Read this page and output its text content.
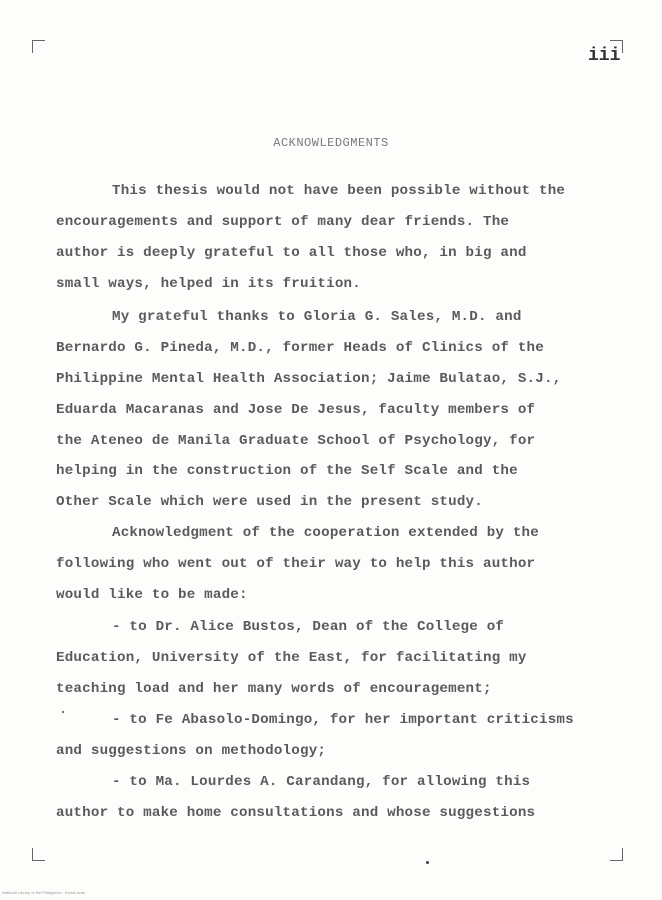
iii
ACKNOWLEDGMENTS
This thesis would not have been possible without the
encouragements and support of many dear friends. The
author is deeply grateful to all those who, in big and
small ways, helped in its fruition.
My grateful thanks to Gloria G. Sales, M.D. and
Bernardo G. Pineda, M.D., former Heads of Clinics of the
Philippine Mental Health Association; Jaime Bulatao, S.J.,
Eduarda Macaranas and Jose De Jesus, faculty members of
the Ateneo de Manila Graduate School of Psychology, for
helping in the construction of the Self Scale and the
Other Scale which were used in the present study.
Acknowledgment of the cooperation extended by the
following who went out of their way to help this author
would like to be made:
- to Dr. Alice Bustos, Dean of the College of
Education, University of the East, for facilitating my
teaching load and her many words of encouragement;
- to Fe Abasolo-Domingo, for her important criticisms
and suggestions on methodology;
- to Ma. Lourdes A. Carandang, for allowing this
author to make home consultations and whose suggestions
National Library of the Philippines · thesis scan
